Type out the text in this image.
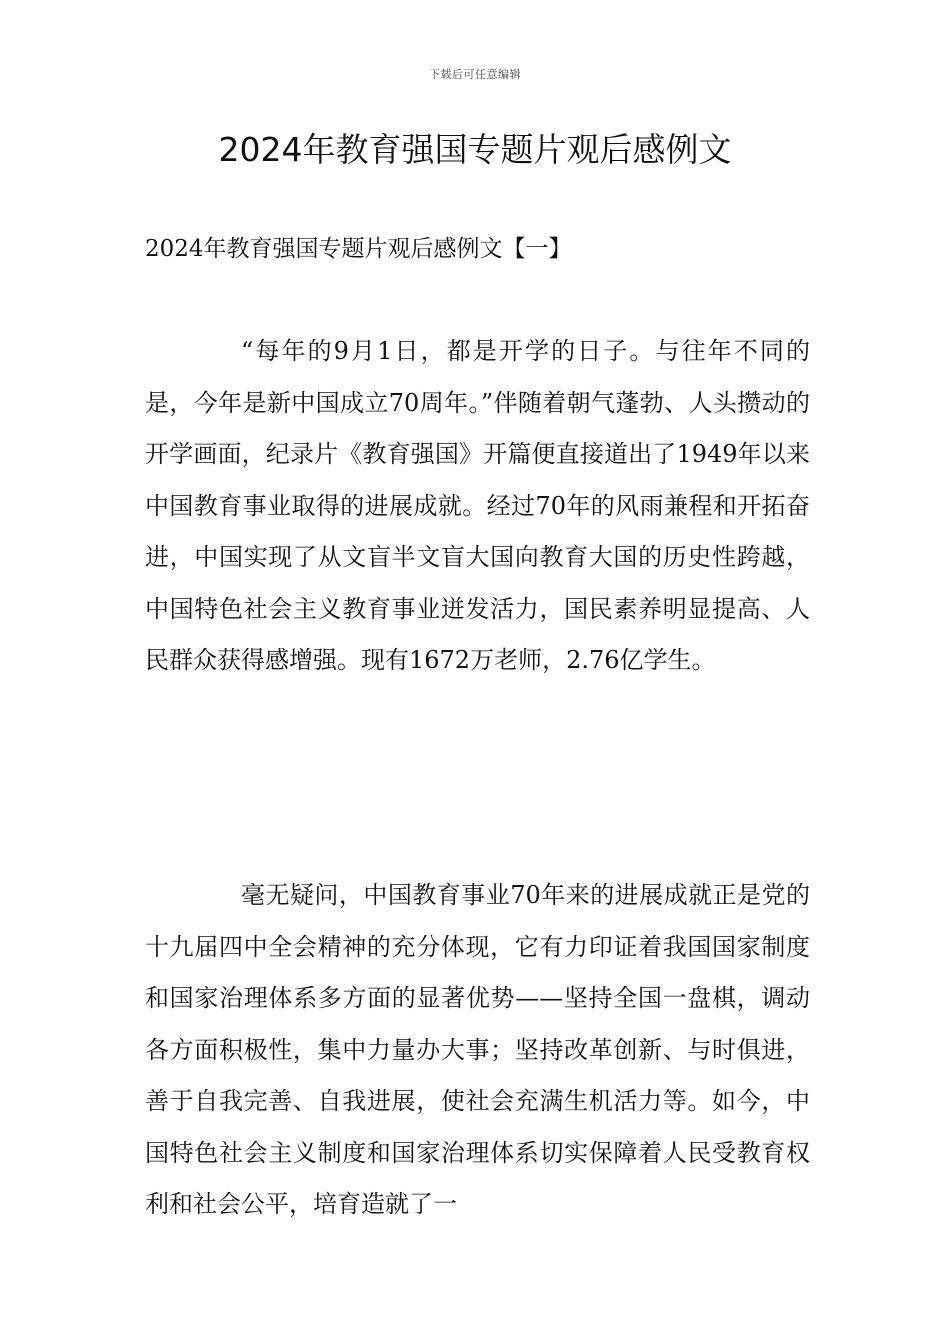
下载后可任意编辑
2024年教育强国专题片观后感例文
2024年教育强国专题片观后感例文【一】

“每年的9月1日，都是开学的日子。与往年不同的是，今年是新中国成立70周年。”伴随着朝气蓬勃、人头攒动的开学画面，纪录片《教育强国》开篇便直接道出了1949年以来中国教育事业取得的进展成就。经过70年的风雨兼程和开拓奋进，中国实现了从文盲半文盲大国向教育大国的历史性跨越，中国特色社会主义教育事业迸发活力，国民素养明显提高、人民群众获得感增强。现有1672万老师，2.76亿学生。

毫无疑问，中国教育事业70年来的进展成就正是党的十九届四中全会精神的充分体现，它有力印证着我国国家制度和国家治理体系多方面的显著优势——坚持全国一盘棋，调动各方面积极性，集中力量办大事；坚持改革创新、与时俱进，善于自我完善、自我进展，使社会充满生机活力等。如今，中国特色社会主义制度和国家治理体系切实保障着人民受教育权利和社会公平，培育造就了一
